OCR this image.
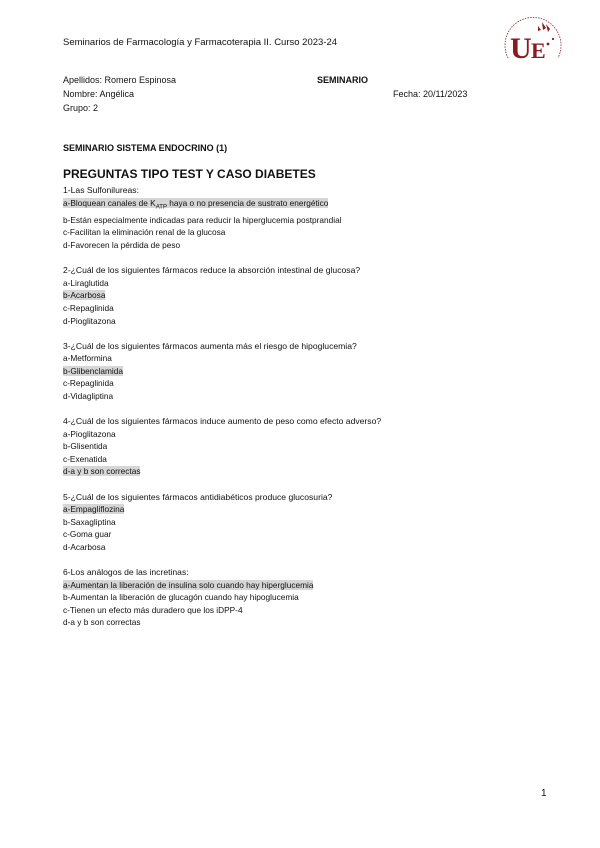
Seminarios de Farmacología y Farmacoterapia II. Curso 2023-24	U E
Apellidos: Romero Espinosa
Nombre: Angélica
Grupo: 2
SEMINARIO
Fecha: 20/11/2023
SEMINARIO SISTEMA ENDOCRINO (1)
PREGUNTAS TIPO TEST Y CASO DIABETES
1-Las Sulfonilureas:
a-Bloquean canales de $K_{ATP}$ haya o no presencia de sustrato energético
b-Están especialmente indicadas para reducir la hiperglucemia postprandial
c-Facilitan la eliminación renal de la glucosa
d-Favorecen la pérdida de peso
2-¿Cuál de los siguientes fármacos reduce la absorción intestinal de glucosa?
a-Liraglutida
b-Acarbosa
c-Repaglinida
d-Pioglitazona
3-¿Cuál de los siguientes fármacos aumenta más el riesgo de hipoglucemia?
a-Metformina
b-Glibenclamida
c-Repaglinida
d-Vidagliptina
4-¿Cuál de los siguientes fármacos induce aumento de peso como efecto adverso?
a-Pioglitazona
b-Glisentida
c-Exenatida
d-a y b son correctas
5-¿Cuál de los siguientes fármacos antidiabéticos produce glucosuria?
a-Empagliflozina
b-Saxagliptina
c-Goma guar
d-Acarbosa
6-Los análogos de las incretinas:
a-Aumentan la liberación de insulina solo cuando hay hiperglucemia
b-Aumentan la liberación de glucagón cuando hay hipoglucemia
c-Tienen un efecto más duradero que los iDPP-4
d-a y b son correctas
1
